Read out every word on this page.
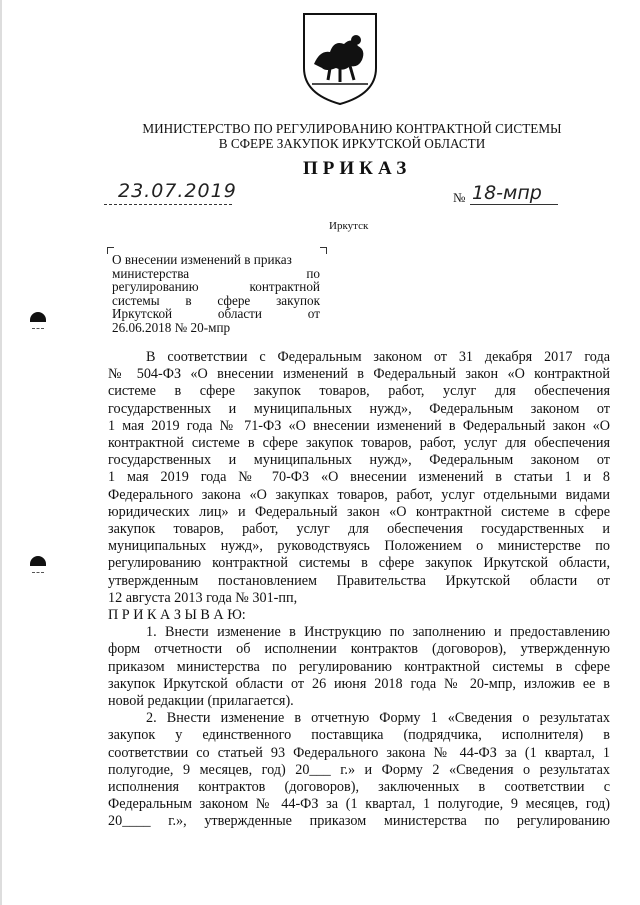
МИНИСТЕРСТВО ПО РЕГУЛИРОВАНИЮ КОНТРАКТНОЙ СИСТЕМЫ
В СФЕРЕ ЗАКУПОК ИРКУТСКОЙ ОБЛАСТИ
ПРИКАЗ
23.07.2019	№ 18-мпр
Иркутск
О внесении изменений в приказ
министерства по
регулированию контрактной
системы в сфере закупок
Иркутской области от
26.06.2018 № 20-мпр
В соответствии с Федеральным законом от 31 декабря 2017 года
№ 504-ФЗ «О внесении изменений в Федеральный закон «О контрактной
системе в сфере закупок товаров, работ, услуг для обеспечения
государственных и муниципальных нужд», Федеральным законом от
1 мая 2019 года № 71-ФЗ «О внесении изменений в Федеральный закон «О
контрактной системе в сфере закупок товаров, работ, услуг для обеспечения
государственных и муниципальных нужд», Федеральным законом от
1 мая 2019 года № 70-ФЗ «О внесении изменений в статьи 1 и 8
Федерального закона «О закупках товаров, работ, услуг отдельными видами
юридических лиц» и Федеральный закон «О контрактной системе в сфере
закупок товаров, работ, услуг для обеспечения государственных и
муниципальных нужд», руководствуясь Положением о министерстве по
регулированию контрактной системы в сфере закупок Иркутской области,
утвержденным постановлением Правительства Иркутской области от
12 августа 2013 года № 301-пп,
П Р И К А З Ы В А Ю:
1. Внести изменение в Инструкцию по заполнению и предоставлению
форм отчетности об исполнении контрактов (договоров), утвержденную
приказом министерства по регулированию контрактной системы в сфере
закупок Иркутской области от 26 июня 2018 года № 20-мпр, изложив ее в
новой редакции (прилагается).
2. Внести изменение в отчетную Форму 1 «Сведения о результатах
закупок у единственного поставщика (подрядчика, исполнителя) в
соответствии со статьей 93 Федерального закона № 44-ФЗ за (1 квартал, 1
полугодие, 9 месяцев, год) 20___ г.» и Форму 2 «Сведения о результатах
исполнения контрактов (договоров), заключенных в соответствии с
Федеральным законом № 44-ФЗ за (1 квартал, 1 полугодие, 9 месяцев, год)
20____ г.», утвержденные приказом министерства по регулированию
